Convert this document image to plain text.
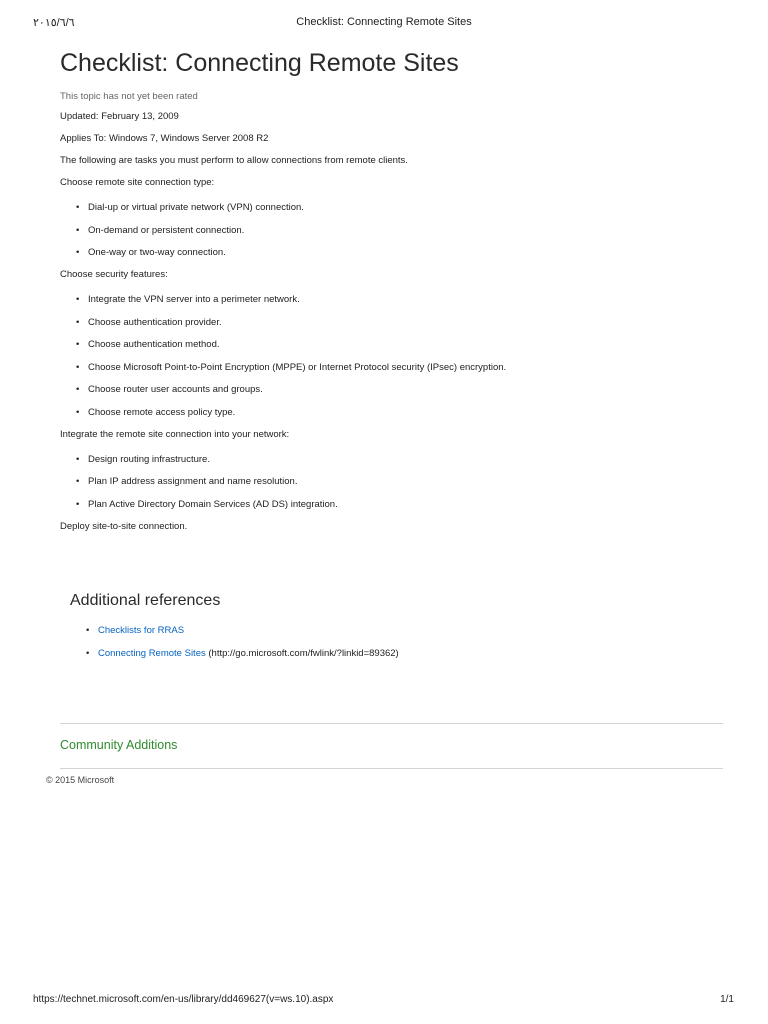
Checklist: Connecting Remote Sites
٢٠١٥/٦/٦
Checklist: Connecting Remote Sites

This topic has not yet been rated

Updated: February 13, 2009

Applies To: Windows 7, Windows Server 2008 R2

The following are tasks you must perform to allow connections from remote clients.

Choose remote site connection type:

• Dial-up or virtual private network (VPN) connection.
• On-demand or persistent connection.
• One-way or two-way connection.

Choose security features:

• Integrate the VPN server into a perimeter network.
• Choose authentication provider.
• Choose authentication method.
• Choose Microsoft Point-to-Point Encryption (MPPE) or Internet Protocol security (IPsec) encryption.
• Choose router user accounts and groups.
• Choose remote access policy type.

Integrate the remote site connection into your network:

• Design routing infrastructure.
• Plan IP address assignment and name resolution.
• Plan Active Directory Domain Services (AD DS) integration.

Deploy site-to-site connection.

Additional references
• Checklists for RRAS
• Connecting Remote Sites (http://go.microsoft.com/fwlink/?linkid=89362)
Community Additions
© 2015 Microsoft
https://technet.microsoft.com/en-us/library/dd469627(v=ws.10).aspx	1/1
